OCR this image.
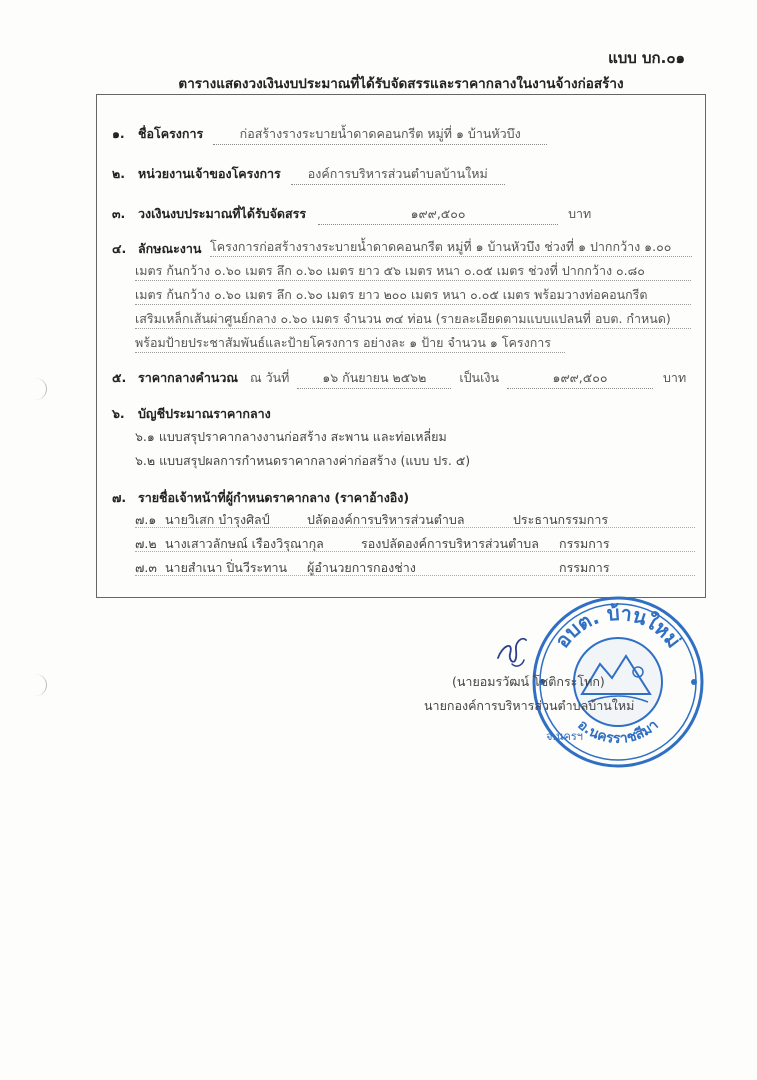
แบบ บก.๐๑
ตารางแสดงวงเงินงบประมาณที่ได้รับจัดสรรและราคากลางในงานจ้างก่อสร้าง
๑. ชื่อโครงการ	ก่อสร้างรางระบายน้ำดาดคอนกรีต หมู่ที่ ๑ บ้านหัวบึง
๒. หน่วยงานเจ้าของโครงการ องค์การบริหารส่วนตำบลบ้านใหม่
๓. วงเงินงบประมาณที่ได้รับจัดสรร	๑๙๙,๕๐๐	บาท
๔. ลักษณะงาน โครงการก่อสร้างรางระบายน้ำดาดคอนกรีต หมู่ที่ ๑ บ้านหัวบึง ช่วงที่ ๑ ปากกว้าง ๑.๐๐
เมตร ก้นกว้าง ๐.๖๐ เมตร ลึก ๐.๖๐ เมตร ยาว ๕๖ เมตร หนา ๐.๐๕ เมตร ช่วงที่ ปากกว้าง ๐.๘๐
เมตร ก้นกว้าง ๐.๖๐ เมตร ลึก ๐.๖๐ เมตร ยาว ๒๐๐ เมตร หนา ๐.๐๕ เมตร พร้อมวางท่อคอนกรีต
เสริมเหล็กเส้นผ่าศูนย์กลาง ๐.๖๐ เมตร จำนวน ๓๔ ท่อน (รายละเอียดตามแบบแปลนที่ อบต. กำหนด)
พร้อมป้ายประชาสัมพันธ์และป้ายโครงการ อย่างละ ๑ ป้าย จำนวน ๑ โครงการ
๕. ราคากลางคำนวณ ณ วันที่	๑๖ กันยายน ๒๕๖๒	เป็นเงิน	๑๙๙,๕๐๐	บาท
๖. บัญชีประมาณราคากลาง
๖.๑ แบบสรุปราคากลางงานก่อสร้าง สะพาน และท่อเหลี่ยม
๖.๒ แบบสรุปผลการกำหนดราคากลางค่าก่อสร้าง (แบบ ปร. ๕)
๗. รายชื่อเจ้าหน้าที่ผู้กำหนดราคากลาง (ราคาอ้างอิง)
๗.๑ นายวิเสก บำรุงศิลป์	ปลัดองค์การบริหารส่วนตำบล	ประธานกรรมการ
๗.๒ นางเสาวลักษณ์ เรืองวิรุณากุล	รองปลัดองค์การบริหารส่วนตำบล กรรมการ
๗.๓ นายสำเนา ปิ่นวีระทาน ผู้อำนวยการกองช่าง	กรรมการ
อบต. บ้านใหม่
อ.นครราชสีมา
จ.นครฯ
(นายอมรวัฒน์ โชติกระโทก)
นายกองค์การบริหารส่วนตำบลบ้านใหม่
